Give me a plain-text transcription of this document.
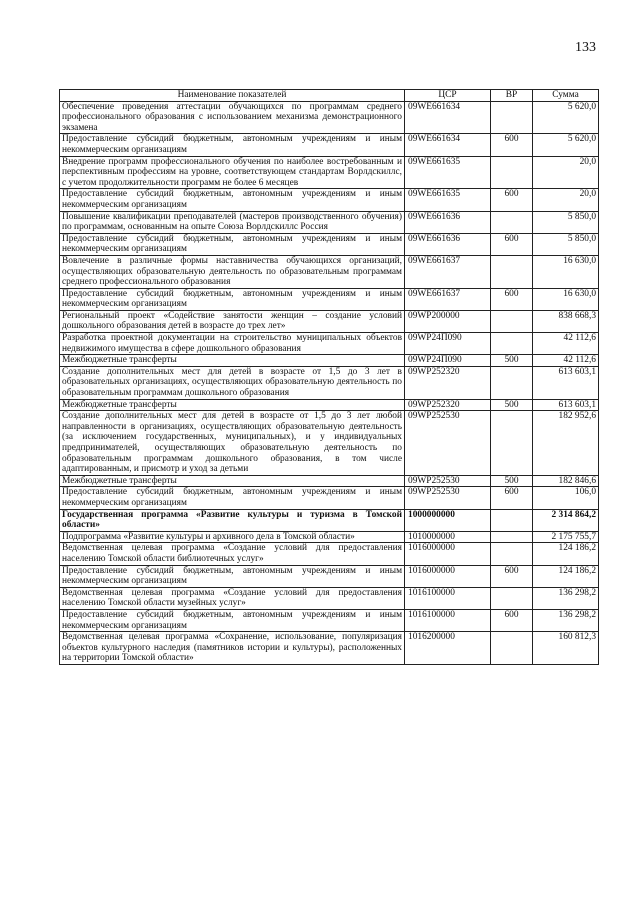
133
Наименование показателей	ЦСР	ВР	Сумма
Обеспечение проведения аттестации обучающихся по программам среднего профессионального образования с использованием механизма демонстрационного экзамена	09WE661634		5 620,0
Предоставление субсидий бюджетным, автономным учреждениям и иным некоммерческим организациям	09WE661634	600	5 620,0
Внедрение программ профессионального обучения по наиболее востребованным и перспективным профессиям на уровне, соответствующем стандартам Ворлдскиллс, с учетом продолжительности программ не более 6 месяцев	09WE661635		20,0
Предоставление субсидий бюджетным, автономным учреждениям и иным некоммерческим организациям	09WE661635	600	20,0
Повышение квалификации преподавателей (мастеров производственного обучения) по программам, основанным на опыте Союза Ворлдскиллс Россия	09WE661636		5 850,0
Предоставление субсидий бюджетным, автономным учреждениям и иным некоммерческим организациям	09WE661636	600	5 850,0
Вовлечение в различные формы наставничества обучающихся организаций, осуществляющих образовательную деятельность по образовательным программам среднего профессионального образования	09WE661637		16 630,0
Предоставление субсидий бюджетным, автономным учреждениям и иным некоммерческим организациям	09WE661637	600	16 630,0
Региональный проект «Содействие занятости женщин – создание условий дошкольного образования детей в возрасте до трех лет»	09WP200000		838 668,3
Разработка проектной документации на строительство муниципальных объектов недвижимого имущества в сфере дошкольного образования	09WP24П090		42 112,6
Межбюджетные трансферты	09WP24П090	500	42 112,6
Создание дополнительных мест для детей в возрасте от 1,5 до 3 лет в образовательных организациях, осуществляющих образовательную деятельность по образовательным программам дошкольного образования	09WP252320		613 603,1
Межбюджетные трансферты	09WP252320	500	613 603,1
Создание дополнительных мест для детей в возрасте от 1,5 до 3 лет любой направленности в организациях, осуществляющих образовательную деятельность (за исключением государственных, муниципальных), и у индивидуальных предпринимателей, осуществляющих образовательную деятельность по образовательным программам дошкольного образования, в том числе адаптированным, и присмотр и уход за детьми	09WP252530		182 952,6
Межбюджетные трансферты	09WP252530	500	182 846,6
Предоставление субсидий бюджетным, автономным учреждениям и иным некоммерческим организациям	09WP252530	600	106,0
Государственная программа «Развитие культуры и туризма в Томской области»	1000000000		2 314 864,2
Подпрограмма «Развитие культуры и архивного дела в Томской области»	1010000000		2 175 755,7
Ведомственная целевая программа «Создание условий для предоставления населению Томской области библиотечных услуг»	1016000000		124 186,2
Предоставление субсидий бюджетным, автономным учреждениям и иным некоммерческим организациям	1016000000	600	124 186,2
Ведомственная целевая программа «Создание условий для предоставления населению Томской области музейных услуг»	1016100000		136 298,2
Предоставление субсидий бюджетным, автономным учреждениям и иным некоммерческим организациям	1016100000	600	136 298,2
Ведомственная целевая программа «Сохранение, использование, популяризация объектов культурного наследия (памятников истории и культуры), расположенных на территории Томской области»	1016200000		160 812,3
